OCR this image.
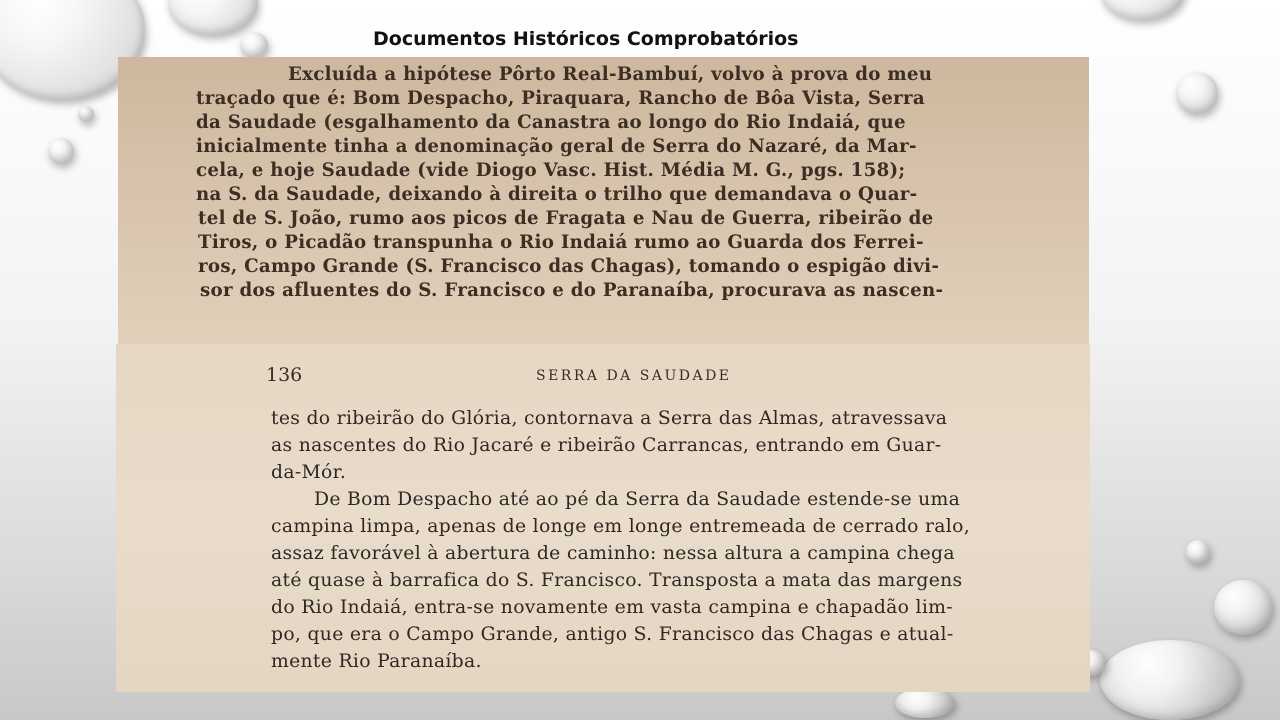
Documentos Históricos Comprobatórios
Excluída a hipótese Pôrto Real-Bambuí, volvo à prova do meu
traçado que é: Bom Despacho, Piraquara, Rancho de Bôa Vista, Serra
da Saudade (esgalhamento da Canastra ao longo do Rio Indaiá, que
inicialmente tinha a denominação geral de Serra do Nazaré, da Mar-
cela, e hoje Saudade (vide Diogo Vasc. Hist. Média M. G., pgs. 158);
na S. da Saudade, deixando à direita o trilho que demandava o Quar-
tel de S. João, rumo aos picos de Fragata e Nau de Guerra, ribeirão de
Tiros, o Picadão transpunha o Rio Indaiá rumo ao Guarda dos Ferrei-
ros, Campo Grande (S. Francisco das Chagas), tomando o espigão divi-
sor dos afluentes do S. Francisco e do Paranaíba, procurava as nascen-
136	SERRA DA SAUDADE
tes do ribeirão do Glória, contornava a Serra das Almas, atravessava
as nascentes do Rio Jacaré e ribeirão Carrancas, entrando em Guar-
da-Mór.
De Bom Despacho até ao pé da Serra da Saudade estende-se uma
campina limpa, apenas de longe em longe entremeada de cerrado ralo,
assaz favorável à abertura de caminho: nessa altura a campina chega
até quase à barrafica do S. Francisco. Transposta a mata das margens
do Rio Indaiá, entra-se novamente em vasta campina e chapadão lim-
po, que era o Campo Grande, antigo S. Francisco das Chagas e atual-
mente Rio Paranaíba.
